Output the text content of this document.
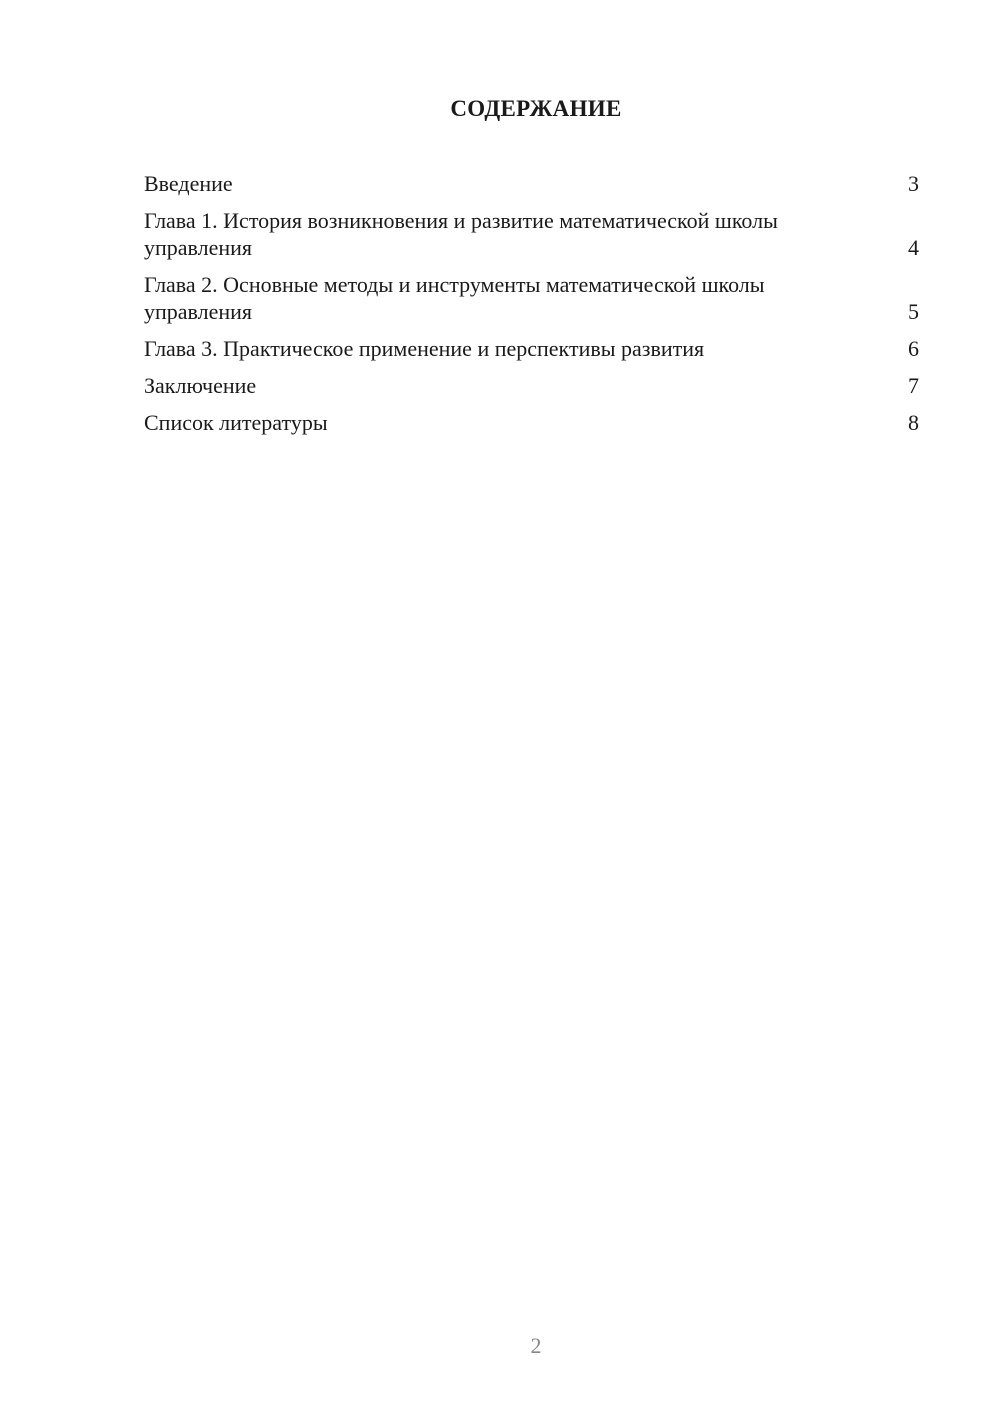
СОДЕРЖАНИЕ
Введение	3
Глава 1. История возникновения и развитие математической школы управления	4
Глава 2. Основные методы и инструменты математической школы управления	5
Глава 3. Практическое применение и перспективы развития	6
Заключение	7
Список литературы	8
2
